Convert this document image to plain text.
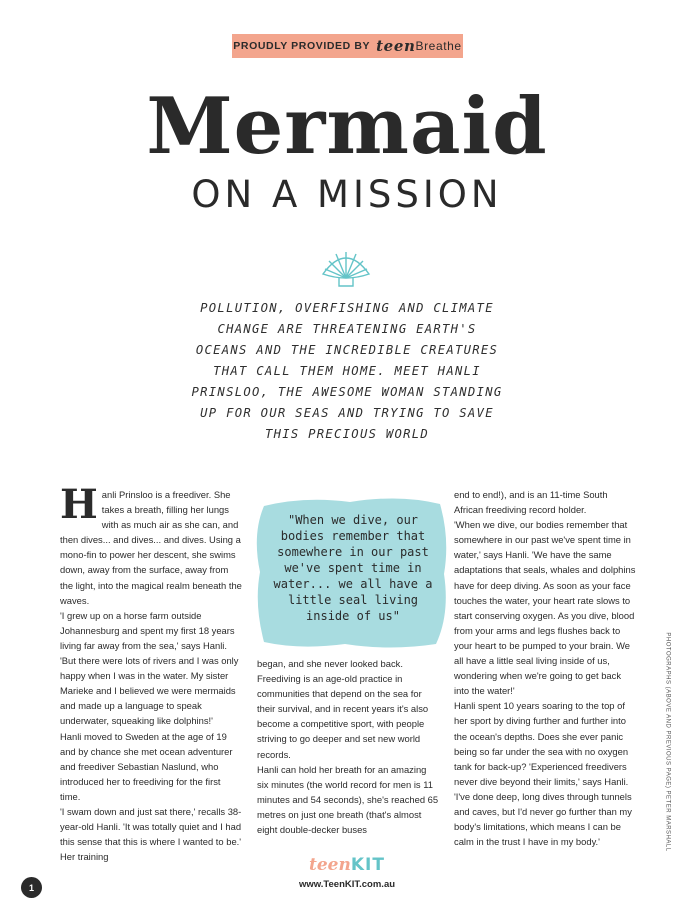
PROUDLY PROVIDED BY teen Breathe
Mermaid
ON A MISSION

POLLUTION, OVERFISHING AND CLIMATE CHANGE ARE THREATENING EARTH'S OCEANS AND THE INCREDIBLE CREATURES THAT CALL THEM HOME. MEET HANLI PRINSLOO, THE AWESOME WOMAN STANDING UP FOR OUR SEAS AND TRYING TO SAVE THIS PRECIOUS WORLD

H anli Prinsloo is a freediver. She takes a breath, filling her lungs with as much air as she can, and then dives... and dives... and dives. Using a mono-fin to power her descent, she swims down, away from the surface, away from the light, into the magical realm beneath the waves.

'I grew up on a horse farm outside Johannesburg and spent my first 18 years living far away from the sea,' says Hanli. 'But there were lots of rivers and I was only happy when I was in the water. My sister Marieke and I believed we were mermaids and made up a language to speak underwater, squeaking like dolphins!'

Hanli moved to Sweden at the age of 19 and by chance she met ocean adventurer and freediver Sebastian Naslund, who introduced her to freediving for the first time.

'I swam down and just sat there,' recalls 38-year-old Hanli. 'It was totally quiet and I had this sense that this is where I wanted to be.' Her training

"When we dive, our bodies remember that somewhere in our past we've spent time in water... we all have a little seal living inside of us"

began, and she never looked back. Freediving is an age-old practice in communities that depend on the sea for their survival, and in recent years it's also become a competitive sport, with people striving to go deeper and set new world records.

Hanli can hold her breath for an amazing six minutes (the world record for men is 11 minutes and 54 seconds), she's reached 65 metres on just one breath (that's almost eight double-decker buses

end to end!), and is an 11-time South African freediving record holder.

'When we dive, our bodies remember that somewhere in our past we've spent time in water,' says Hanli. 'We have the same adaptations that seals, whales and dolphins have for deep diving. As soon as your face touches the water, your heart rate slows to start conserving oxygen. As you dive, blood from your arms and legs flushes back to your heart to be pumped to your brain. We all have a little seal living inside of us, wondering when we're going to get back into the water!'

Hanli spent 10 years soaring to the top of her sport by diving further and further into the ocean's depths. Does she ever panic being so far under the sea with no oxygen tank for back-up? 'Experienced freedivers never dive beyond their limits,' says Hanli. 'I've done deep, long dives through tunnels and caves, but I'd never go further than my body's limitations, which means I can be calm in the trust I have in my body.'	PHOTOGRAPHS (ABOVE AND PREVIOUS PAGE) PETER MARSHALL
teenKIT
www.TeenKIT.com.au
1
